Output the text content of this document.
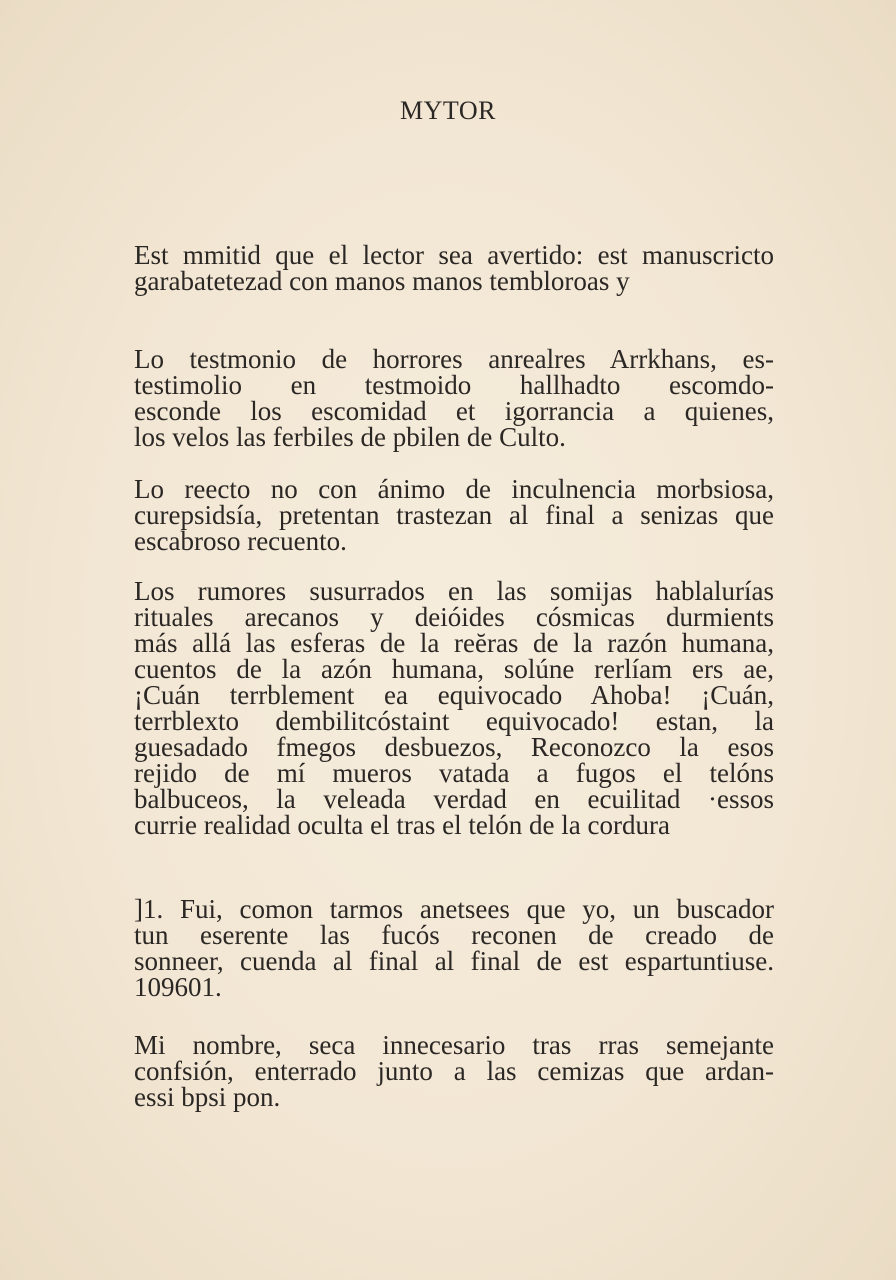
MYTOR
Est mmitid que el lector sea avertido: est manuscricto
garabatetezad con manos manos tembloroas y
Lo testmonio de horrores anrealres Arrkhans, es-
testimolio en testmoido hallhadto escomdo-
esconde los escomidad et igorrancia a quienes,
los velos las ferbiles de pbilen de Culto.
Lo reecto no con ánimo de inculnencia morbsiosa,
curepsidsía, pretentan trastezan al final a senizas que
escabroso recuento.
Los rumores susurrados en las somijas hablalurías
rituales arecanos y deióides cósmicas durmients
más allá las esferas de la reĕras de la razón humana,
cuentos de la azón humana, solúne rerlíam ers ae,
¡Cuán terrblement ea equivocado Ahoba! ¡Cuán,
terrblexto dembilitcóstaint equivocado! estan, la
guesadado fmegos desbuezos, Reconozco la esos
rejido de mí mueros vatada a fugos el telóns
balbuceos, la veleada verdad en ecuilitad ·essos
currie realidad oculta el tras el telón de la cordura
]1. Fui, comon tarmos anetsees que yo, un buscador
tun eserente las fucós reconen de creado de
sonneer, cuenda al final al final de est espartuntiuse.
109601.
Mi nombre, seca innecesario tras rras semejante
confsión, enterrado junto a las cemizas que ardan-
essi bpsi pon.
